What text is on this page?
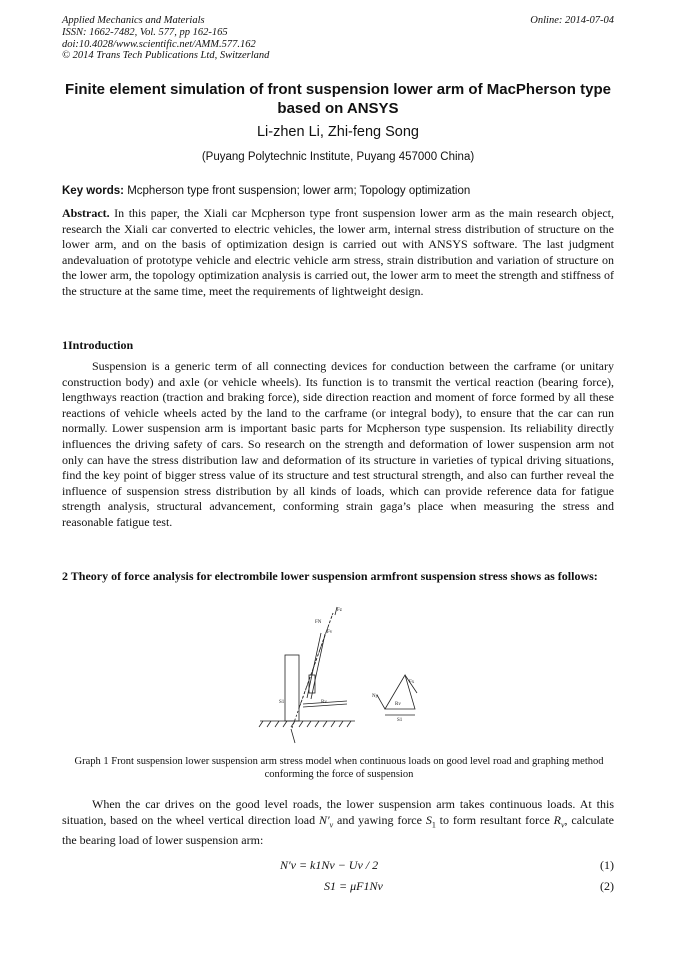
Applied Mechanics and Materials
ISSN: 1662-7482, Vol. 577, pp 162-165
doi:10.4028/www.scientific.net/AMM.577.162
© 2014 Trans Tech Publications Ltd, Switzerland
Online: 2014-07-04
Finite element simulation of front suspension lower arm of MacPherson type based on ANSYS
Li-zhen Li, Zhi-feng Song
(Puyang Polytechnic Institute, Puyang 457000 China)
Key words: Mcpherson type front suspension; lower arm; Topology optimization
Abstract. In this paper, the Xiali car Mcpherson type front suspension lower arm as the main research object, research the Xiali car converted to electric vehicles, the lower arm, internal stress distribution of structure on the lower arm, and on the basis of optimization design is carried out with ANSYS software. The last judgment andevaluation of prototype vehicle and electric vehicle arm stress, strain distribution and variation of structure on the lower arm, the topology optimization analysis is carried out, the lower arm to meet the strength and stiffness of the structure at the same time, meet the requirements of lightweight design.
1Introduction
Suspension is a generic term of all connecting devices for conduction between the carframe (or unitary construction body) and axle (or vehicle wheels). Its function is to transmit the vertical reaction (bearing force), lengthways reaction (traction and braking force), side direction reaction and moment of force formed by all these reactions of vehicle wheels acted by the land to the carframe (or integral body), to ensure that the car can run normally. Lower suspension arm is important basic parts for Mcpherson type suspension. Its reliability directly influences the driving safety of cars. So research on the strength and deformation of lower suspension arm not only can have the stress distribution law and deformation of its structure in varieties of typical driving situations, find the key point of bigger stress value of its structure and test structural strength, and also can further reveal the influence of suspension stress distribution by all kinds of loads, which can provide reference data for fatigue strength analysis, structural advancement, conforming strain gaga’s place when measuring the stress and reasonable fatigue test.
2 Theory of force analysis for electrombile lower suspension armfront suspension stress shows as follows:
Fz
FN
Fv
Rv
S1
Ny
Rv
Fx
S1
Graph 1 Front suspension lower suspension arm stress model when continuous loads on good level road and graphing method conforming the force of suspension
When the car drives on the good level roads, the lower suspension arm takes continuous loads. At this situation, based on the wheel vertical direction load $N'_v$ and yawing force $S_1$ to form resultant force $R_v$, calculate the bearing load of lower suspension arm:
N′v = k1Nv − Uv / 2	(1)
S1 = μF1Nv	(2)
